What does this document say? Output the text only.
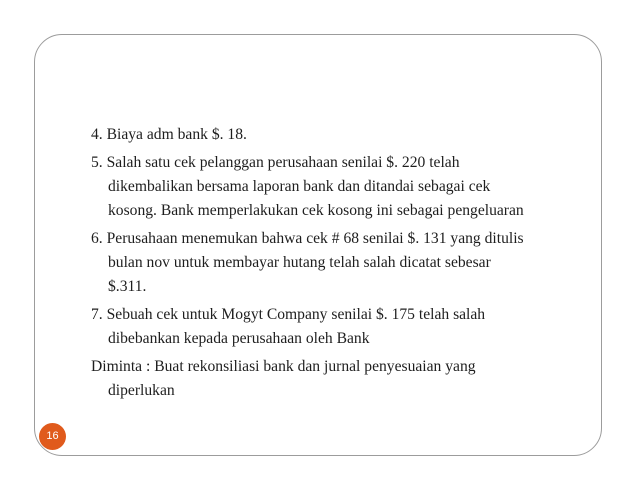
4. Biaya adm bank $. 18.
5. Salah satu cek pelanggan perusahaan senilai $. 220 telah
dikembalikan bersama laporan bank dan ditandai sebagai cek
kosong. Bank memperlakukan cek kosong ini sebagai pengeluaran
6. Perusahaan menemukan bahwa cek # 68 senilai $. 131 yang ditulis
bulan nov untuk membayar hutang telah salah dicatat sebesar
$.311.
7. Sebuah cek untuk Mogyt Company senilai $. 175 telah salah
dibebankan kepada perusahaan oleh Bank
Diminta : Buat rekonsiliasi bank dan jurnal penyesuaian yang
diperlukan
16
